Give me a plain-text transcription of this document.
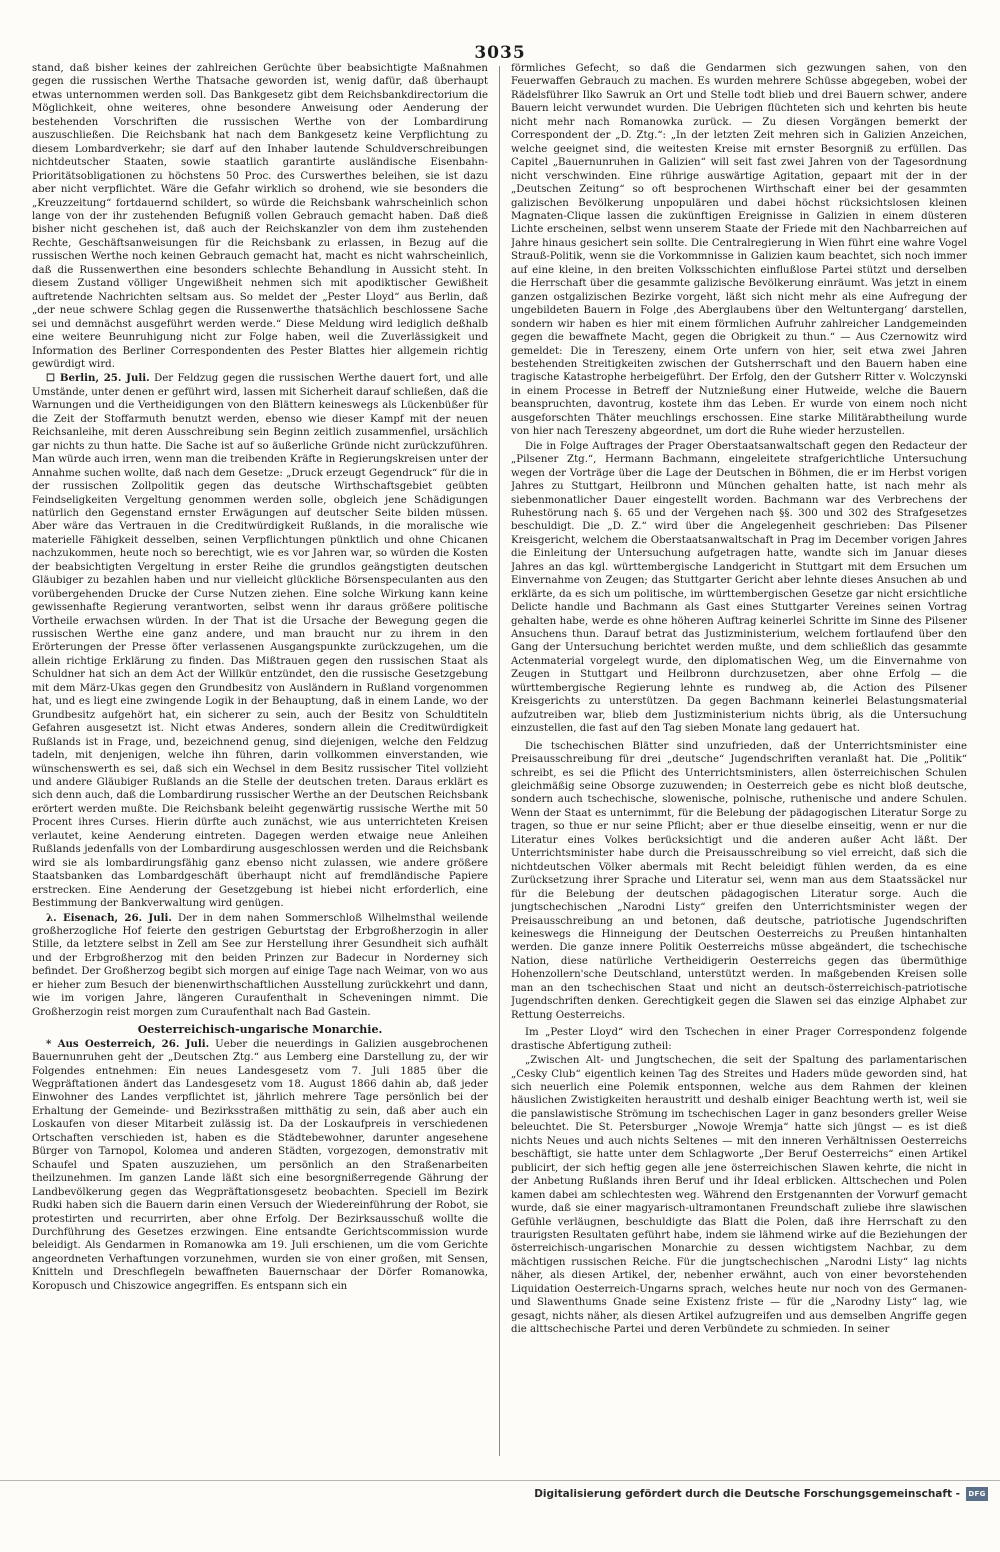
3035

stand, daß bisher keines der zahlreichen Gerüchte über beabsichtigte Maßnahmen gegen die russischen Werthe Thatsache geworden ist, wenig dafür, daß überhaupt etwas unternommen werden soll. Das Bankgesetz gibt dem Reichsbankdirectorium die Möglichkeit, ohne weiteres, ohne besondere Anweisung oder Aenderung der bestehenden Vorschriften die russischen Werthe von der Lombardirung auszuschließen. Die Reichsbank hat nach dem Bankgesetz keine Verpflichtung zu diesem Lombardverkehr; sie darf auf den Inhaber lautende Schuldverschreibungen nichtdeutscher Staaten, sowie staatlich garantirte ausländische Eisenbahn-Prioritätsobligationen zu höchstens 50 Proc. des Curswerthes beleihen, sie ist dazu aber nicht verpflichtet. Wäre die Gefahr wirklich so drohend, wie sie besonders die „Kreuzzeitung“ fortdauernd schildert, so würde die Reichsbank wahrscheinlich schon lange von der ihr zustehenden Befugniß vollen Gebrauch gemacht haben. Daß dieß bisher nicht geschehen ist, daß auch der Reichskanzler von dem ihm zustehenden Rechte, Geschäftsanweisungen für die Reichsbank zu erlassen, in Bezug auf die russischen Werthe noch keinen Gebrauch gemacht hat, macht es nicht wahrscheinlich, daß die Russenwerthen eine besonders schlechte Behandlung in Aussicht steht. In diesem Zustand völliger Ungewißheit nehmen sich mit apodiktischer Gewißheit auftretende Nachrichten seltsam aus. So meldet der „Pester Lloyd“ aus Berlin, daß „der neue schwere Schlag gegen die Russenwerthe thatsächlich beschlossene Sache sei und demnächst ausgeführt werden werde.“ Diese Meldung wird lediglich deßhalb eine weitere Beunruhigung nicht zur Folge haben, weil die Zuverlässigkeit und Information des Berliner Correspondenten des Pester Blattes hier allgemein richtig gewürdigt wird.

☐ Berlin, 25. Juli. Der Feldzug gegen die russischen Werthe dauert fort, und alle Umstände, unter denen er geführt wird, lassen mit Sicherheit darauf schließen, daß die Warnungen und die Vertheidigungen von den Blättern keineswegs als Lückenbüßer für die Zeit der Stoffarmuth benutzt werden, ebenso wie dieser Kampf mit der neuen Reichsanleihe, mit deren Ausschreibung sein Beginn zeitlich zusammenfiel, ursächlich gar nichts zu thun hatte. Die Sache ist auf so äußerliche Gründe nicht zurückzuführen. Man würde auch irren, wenn man die treibenden Kräfte in Regierungskreisen unter der Annahme suchen wollte, daß nach dem Gesetze: „Druck erzeugt Gegendruck“ für die in der russischen Zollpolitik gegen das deutsche Wirthschaftsgebiet geübten Feindseligkeiten Vergeltung genommen werden solle, obgleich jene Schädigungen natürlich den Gegenstand ernster Erwägungen auf deutscher Seite bilden müssen. Aber wäre das Vertrauen in die Creditwürdigkeit Rußlands, in die moralische wie materielle Fähigkeit desselben, seinen Verpflichtungen pünktlich und ohne Chicanen nachzukommen, heute noch so berechtigt, wie es vor Jahren war, so würden die Kosten der beabsichtigten Vergeltung in erster Reihe die grundlos geängstigten deutschen Gläubiger zu bezahlen haben und nur vielleicht glückliche Börsenspeculanten aus den vorübergehenden Drucke der Curse Nutzen ziehen. Eine solche Wirkung kann keine gewissenhafte Regierung verantworten, selbst wenn ihr daraus größere politische Vortheile erwachsen würden. In der That ist die Ursache der Bewegung gegen die russischen Werthe eine ganz andere, und man braucht nur zu ihrem in den Erörterungen der Presse öfter verlassenen Ausgangspunkte zurückzugehen, um die allein richtige Erklärung zu finden. Das Mißtrauen gegen den russischen Staat als Schuldner hat sich an dem Act der Willkür entzündet, den die russische Gesetzgebung mit dem März-Ukas gegen den Grundbesitz von Ausländern in Rußland vorgenommen hat, und es liegt eine zwingende Logik in der Behauptung, daß in einem Lande, wo der Grundbesitz aufgehört hat, ein sicherer zu sein, auch der Besitz von Schuldtiteln Gefahren ausgesetzt ist. Nicht etwas Anderes, sondern allein die Creditwürdigkeit Rußlands ist in Frage, und, bezeichnend genug, sind diejenigen, welche den Feldzug tadeln, mit denjenigen, welche ihn führen, darin vollkommen einverstanden, wie wünschenswerth es sei, daß sich ein Wechsel in dem Besitz russischer Titel vollzieht und andere Gläubiger Rußlands an die Stelle der deutschen treten. Daraus erklärt es sich denn auch, daß die Lombardirung russischer Werthe an der Deutschen Reichsbank erörtert werden mußte. Die Reichsbank beleiht gegenwärtig russische Werthe mit 50 Procent ihres Curses. Hierin dürfte auch zunächst, wie aus unterrichteten Kreisen verlautet, keine Aenderung eintreten. Dagegen werden etwaige neue Anleihen Rußlands jedenfalls von der Lombardirung ausgeschlossen werden und die Reichsbank wird sie als lombardirungsfähig ganz ebenso nicht zulassen, wie andere größere Staatsbanken das Lombardgeschäft überhaupt nicht auf fremdländische Papiere erstrecken. Eine Aenderung der Gesetzgebung ist hiebei nicht erforderlich, eine Bestimmung der Bankverwaltung wird genügen.

λ. Eisenach, 26. Juli. Der in dem nahen Sommerschloß Wilhelmsthal weilende großherzogliche Hof feierte den gestrigen Geburtstag der Erbgroßherzogin in aller Stille, da letztere selbst in Zell am See zur Herstellung ihrer Gesundheit sich aufhält und der Erbgroßherzog mit den beiden Prinzen zur Badecur in Norderney sich befindet. Der Großherzog begibt sich morgen auf einige Tage nach Weimar, von wo aus er hieher zum Besuch der bienenwirthschaftlichen Ausstellung zurückkehrt und dann, wie im vorigen Jahre, längeren Curaufenthalt in Scheveningen nimmt. Die Großherzogin reist morgen zum Curaufenthalt nach Bad Gastein.

Oesterreichisch-ungarische Monarchie.

* Aus Oesterreich, 26. Juli. Ueber die neuerdings in Galizien ausgebrochenen Bauernunruhen geht der „Deutschen Ztg.“ aus Lemberg eine Darstellung zu, der wir Folgendes entnehmen: Ein neues Landesgesetz vom 7. Juli 1885 über die Wegpräftationen ändert das Landesgesetz vom 18. August 1866 dahin ab, daß jeder Einwohner des Landes verpflichtet ist, jährlich mehrere Tage persönlich bei der Erhaltung der Gemeinde- und Bezirksstraßen mitthätig zu sein, daß aber auch ein Loskaufen von dieser Mitarbeit zulässig ist. Da der Loskaufpreis in verschiedenen Ortschaften verschieden ist, haben es die Städtebewohner, darunter angesehene Bürger von Tarnopol, Kolomea und anderen Städten, vorgezogen, demonstrativ mit Schaufel und Spaten auszuziehen, um persönlich an den Straßenarbeiten theilzunehmen. Im ganzen Lande läßt sich eine besorgnißerregende Gährung der Landbevölkerung gegen das Wegpräftationsgesetz beobachten. Speciell im Bezirk Rudki haben sich die Bauern darin einen Versuch der Wiedereinführung der Robot, sie protestirten und recurrirten, aber ohne Erfolg. Der Bezirksausschuß wollte die Durchführung des Gesetzes erzwingen. Eine entsandte Gerichtscommission wurde beleidigt. Als Gendarmen in Romanowka am 19. Juli erschienen, um die vom Gerichte angeordneten Verhaftungen vorzunehmen, wurden sie von einer großen, mit Sensen, Knitteln und Dreschflegeln bewaffneten Bauernschaar der Dörfer Romanowka, Koropusch und Chiszowice angegriffen. Es entspann sich ein

förmliches Gefecht, so daß die Gendarmen sich gezwungen sahen, von den Feuerwaffen Gebrauch zu machen. Es wurden mehrere Schüsse abgegeben, wobei der Rädelsführer Ilko Sawruk an Ort und Stelle todt blieb und drei Bauern schwer, andere Bauern leicht verwundet wurden. Die Uebrigen flüchteten sich und kehrten bis heute nicht mehr nach Romanowka zurück. — Zu diesen Vorgängen bemerkt der Correspondent der „D. Ztg.“: „In der letzten Zeit mehren sich in Galizien Anzeichen, welche geeignet sind, die weitesten Kreise mit ernster Besorgniß zu erfüllen. Das Capitel „Bauernunruhen in Galizien“ will seit fast zwei Jahren von der Tagesordnung nicht verschwinden. Eine rührige auswärtige Agitation, gepaart mit der in der „Deutschen Zeitung“ so oft besprochenen Wirthschaft einer bei der gesammten galizischen Bevölkerung unpopulären und dabei höchst rücksichtslosen kleinen Magnaten-Clique lassen die zukünftigen Ereignisse in Galizien in einem düsteren Lichte erscheinen, selbst wenn unserem Staate der Friede mit den Nachbarreichen auf Jahre hinaus gesichert sein sollte. Die Centralregierung in Wien führt eine wahre Vogel Strauß-Politik, wenn sie die Vorkommnisse in Galizien kaum beachtet, sich noch immer auf eine kleine, in den breiten Volksschichten einflußlose Partei stützt und derselben die Herrschaft über die gesammte galizische Bevölkerung einräumt. Was jetzt in einem ganzen ostgalizischen Bezirke vorgeht, läßt sich nicht mehr als eine Aufregung der ungebildeten Bauern in Folge ‚des Aberglaubens über den Weltuntergang‘ darstellen, sondern wir haben es hier mit einem förmlichen Aufruhr zahlreicher Landgemeinden gegen die bewaffnete Macht, gegen die Obrigkeit zu thun.“ — Aus Czernowitz wird gemeldet: Die in Tereszeny, einem Orte unfern von hier, seit etwa zwei Jahren bestehenden Streitigkeiten zwischen der Gutsherrschaft und den Bauern haben eine tragische Katastrophe herbeigeführt. Der Erfolg, den der Gutsherr Ritter v. Wolczynski in einem Processe in Betreff der Nutznießung einer Hutweide, welche die Bauern beanspruchten, davontrug, kostete ihm das Leben. Er wurde von einem noch nicht ausgeforschten Thäter meuchlings erschossen. Eine starke Militärabtheilung wurde von hier nach Tereszeny abgeordnet, um dort die Ruhe wieder herzustellen.

Die in Folge Auftrages der Prager Oberstaatsanwaltschaft gegen den Redacteur der „Pilsener Ztg.“, Hermann Bachmann, eingeleitete strafgerichtliche Untersuchung wegen der Vorträge über die Lage der Deutschen in Böhmen, die er im Herbst vorigen Jahres zu Stuttgart, Heilbronn und München gehalten hatte, ist nach mehr als siebenmonatlicher Dauer eingestellt worden. Bachmann war des Verbrechens der Ruhestörung nach §. 65 und der Vergehen nach §§. 300 und 302 des Strafgesetzes beschuldigt. Die „D. Z.“ wird über die Angelegenheit geschrieben: Das Pilsener Kreisgericht, welchem die Oberstaatsanwaltschaft in Prag im December vorigen Jahres die Einleitung der Untersuchung aufgetragen hatte, wandte sich im Januar dieses Jahres an das kgl. württembergische Landgericht in Stuttgart mit dem Ersuchen um Einvernahme von Zeugen; das Stuttgarter Gericht aber lehnte dieses Ansuchen ab und erklärte, da es sich um politische, im württembergischen Gesetze gar nicht ersichtliche Delicte handle und Bachmann als Gast eines Stuttgarter Vereines seinen Vortrag gehalten habe, werde es ohne höheren Auftrag keinerlei Schritte im Sinne des Pilsener Ansuchens thun. Darauf betrat das Justizministerium, welchem fortlaufend über den Gang der Untersuchung berichtet werden mußte, und dem schließlich das gesammte Actenmaterial vorgelegt wurde, den diplomatischen Weg, um die Einvernahme von Zeugen in Stuttgart und Heilbronn durchzusetzen, aber ohne Erfolg — die württembergische Regierung lehnte es rundweg ab, die Action des Pilsener Kreisgerichts zu unterstützen. Da gegen Bachmann keinerlei Belastungsmaterial aufzutreiben war, blieb dem Justizministerium nichts übrig, als die Untersuchung einzustellen, die fast auf den Tag sieben Monate lang gedauert hat.

Die tschechischen Blätter sind unzufrieden, daß der Unterrichtsminister eine Preisausschreibung für drei „deutsche“ Jugendschriften veranlaßt hat. Die „Politik“ schreibt, es sei die Pflicht des Unterrichtsministers, allen österreichischen Schulen gleichmäßig seine Obsorge zuzuwenden; in Oesterreich gebe es nicht bloß deutsche, sondern auch tschechische, slowenische, polnische, ruthenische und andere Schulen. Wenn der Staat es unternimmt, für die Belebung der pädagogischen Literatur Sorge zu tragen, so thue er nur seine Pflicht; aber er thue dieselbe einseitig, wenn er nur die Literatur eines Volkes berücksichtigt und die anderen außer Acht läßt. Der Unterrichtsminister habe durch die Preisausschreibung so viel erreicht, daß sich die nichtdeutschen Völker abermals mit Recht beleidigt fühlen werden, da es eine Zurücksetzung ihrer Sprache und Literatur sei, wenn man aus dem Staatssäckel nur für die Belebung der deutschen pädagogischen Literatur sorge. Auch die jungtschechischen „Narodni Listy“ greifen den Unterrichtsminister wegen der Preisausschreibung an und betonen, daß deutsche, patriotische Jugendschriften keineswegs die Hinneigung der Deutschen Oesterreichs zu Preußen hintanhalten werden. Die ganze innere Politik Oesterreichs müsse abgeändert, die tschechische Nation, diese natürliche Vertheidigerin Oesterreichs gegen das übermüthige Hohenzollern'sche Deutschland, unterstützt werden. In maßgebenden Kreisen solle man an den tschechischen Staat und nicht an deutsch-österreichisch-patriotische Jugendschriften denken. Gerechtigkeit gegen die Slawen sei das einzige Alphabet zur Rettung Oesterreichs.

Im „Pester Lloyd“ wird den Tschechen in einer Prager Correspondenz folgende drastische Abfertigung zutheil:

„Zwischen Alt- und Jungtschechen, die seit der Spaltung des parlamentarischen „Cesky Club“ eigentlich keinen Tag des Streites und Haders müde geworden sind, hat sich neuerlich eine Polemik entsponnen, welche aus dem Rahmen der kleinen häuslichen Zwistigkeiten heraustritt und deshalb einiger Beachtung werth ist, weil sie die panslawistische Strömung im tschechischen Lager in ganz besonders greller Weise beleuchtet. Die St. Petersburger „Nowoje Wremja“ hatte sich jüngst — es ist dieß nichts Neues und auch nichts Seltenes — mit den inneren Verhältnissen Oesterreichs beschäftigt, sie hatte unter dem Schlagworte „Der Beruf Oesterreichs“ einen Artikel publicirt, der sich heftig gegen alle jene österreichischen Slawen kehrte, die nicht in der Anbetung Rußlands ihren Beruf und ihr Ideal erblicken. Alttschechen und Polen kamen dabei am schlechtesten weg. Während den Erstgenannten der Vorwurf gemacht wurde, daß sie einer magyarisch-ultramontanen Freundschaft zuliebe ihre slawischen Gefühle verläugnen, beschuldigte das Blatt die Polen, daß ihre Herrschaft zu den traurigsten Resultaten geführt habe, indem sie lähmend wirke auf die Beziehungen der österreichisch-ungarischen Monarchie zu dessen wichtigstem Nachbar, zu dem mächtigen russischen Reiche. Für die jungtschechischen „Narodni Listy“ lag nichts näher, als diesen Artikel, der, nebenher erwähnt, auch von einer bevorstehenden Liquidation Oesterreich-Ungarns sprach, welches heute nur noch von des Germanen- und Slawenthums Gnade seine Existenz friste — für die „Narodny Listy“ lag, wie gesagt, nichts näher, als diesen Artikel aufzugreifen und aus demselben Angriffe gegen die alttschechische Partei und deren Verbündete zu schmieden. In seiner

Digitalisierung gefördert durch die Deutsche Forschungsgemeinschaft -	DFG
